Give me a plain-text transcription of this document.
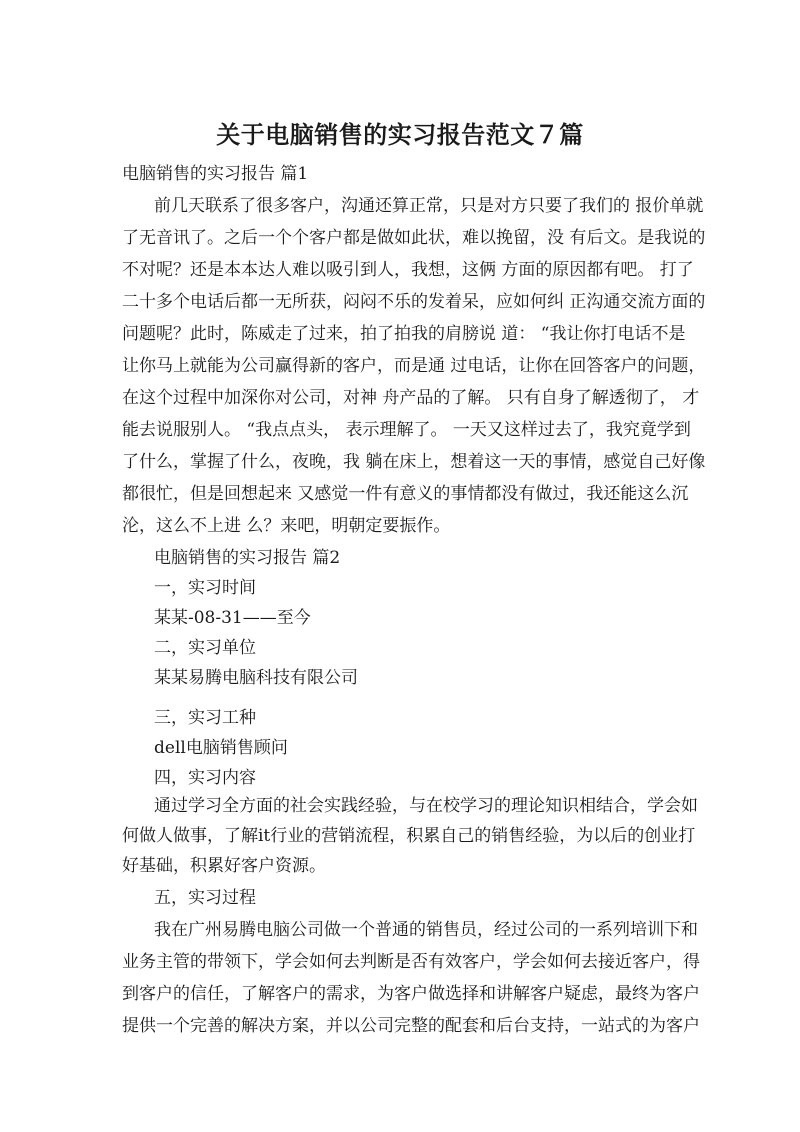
关于电脑销售的实习报告范文７篇
电脑销售的实习报告 篇1
前几天联系了很多客户，沟通还算正常，只是对方只要了我们的 报价单就
了无音讯了。之后一个个客户都是做如此状，难以挽留，没 有后文。是我说的
不对呢？还是本本达人难以吸引到人，我想，这俩 方面的原因都有吧。 打了
二十多个电话后都一无所获，闷闷不乐的发着呆，应如何纠 正沟通交流方面的
问题呢？此时，陈威走了过来，拍了拍我的肩膀说 道： “我让你打电话不是
让你马上就能为公司赢得新的客户，而是通 过电话，让你在回答客户的问题，
在这个过程中加深你对公司，对神 舟产品的了解。 只有自身了解透彻了， 才
能去说服别人。 “我点点头， 表示理解了。 一天又这样过去了，我究竟学到
了什么，掌握了什么，夜晚，我 躺在床上，想着这一天的事情，感觉自己好像
都很忙，但是回想起来 又感觉一件有意义的事情都没有做过，我还能这么沉
沦，这么不上进 么？来吧，明朝定要振作。
电脑销售的实习报告 篇2
一，实习时间
某某-08-31——至今
二，实习单位
某某易腾电脑科技有限公司
三，实习工种
dell电脑销售顾问
四，实习内容
通过学习全方面的社会实践经验，与在校学习的理论知识相结合，学会如
何做人做事，了解it行业的营销流程，积累自己的销售经验，为以后的创业打
好基础，积累好客户资源。
五，实习过程
我在广州易腾电脑公司做一个普通的销售员，经过公司的一系列培训下和
业务主管的带领下，学会如何去判断是否有效客户，学会如何去接近客户，得
到客户的信任，了解客户的需求，为客户做选择和讲解客户疑虑，最终为客户
提供一个完善的解决方案，并以公司完整的配套和后台支持，一站式的为客户
